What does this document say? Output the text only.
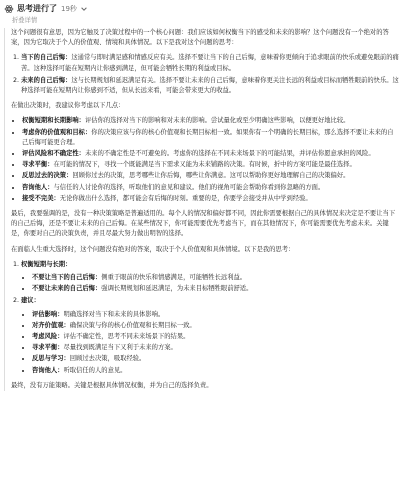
思考进行了 19秒
折叠详情

这个问题很有意思，因为它触及了决策过程中的一个核心问题：我们应该如何权衡当下的感受和未来的影响？这个问题没有一个绝对的答案，因为它取决于个人的价值观、情境和具体情况。以下是我对这个问题的思考：

1. 当下的自己后悔：这通常与即时满足感和情感反应有关。选择不要让当下的自己后悔，意味着你更倾向于追求眼前的快乐或避免眼前的痛苦。这种选择可能在短期内让你感到满足，但可能会牺牲长期的利益或目标。
2. 未来的自己后悔：这与长期规划和延迟满足有关。选择不要让未来的自己后悔，意味着你更关注长远的利益或目标而牺牲眼前的快乐。这种选择可能在短期内让你感到不适，但从长远来看，可能会带来更大的收益。

在做出决策时，我建议你考虑以下几点：

• 权衡短期和长期影响：评估你的选择对当下的影响和对未来的影响。尝试量化或至少明确这些影响，以便更好地比较。
• 考虑你的价值观和目标：你的决策应该与你的核心价值观和长期目标相一致。如果你有一个明确的长期目标，那么选择不要让未来的自己后悔可能更合理。
• 评估风险和不确定性：未来的不确定性是不可避免的。考虑你的选择在不同未来场景下的可能结果，并评估你愿意承担的风险。
• 寻求平衡：在可能的情况下，寻找一个既能满足当下需求又能为未来铺路的决策。有时候，折中的方案可能是最佳选择。
• 反思过去的决策：回顾你过去的决策，思考哪些让你后悔，哪些让你满意。这可以帮助你更好地理解自己的决策偏好。
• 咨询他人：与信任的人讨论你的选择，听取他们的意见和建议。他们的视角可能会帮助你看到你忽略的方面。
• 接受不完美：无论你做出什么选择，都可能会有后悔的时刻。重要的是，你要学会接受并从中学到经验。

最后，我要强调的是，没有一种决策策略是普遍适用的。每个人的情况和偏好都不同，因此你需要根据自己的具体情况来决定是不要让当下的自己后悔，还是不要让未来的自己后悔。在某些情况下，你可能需要优先考虑当下，而在其他情况下，你可能需要优先考虑未来。关键是，你要对自己的决策负责，并且尽最大努力做出明智的选择。

在面临人生重大选择时，这个问题没有绝对的答案，取决于个人价值观和具体情境。以下是我的思考：

1. 权衡短期与长期：
• 不要让当下的自己后悔：侧重于眼前的快乐和情感满足，可能牺牲长远利益。
• 不要让未来的自己后悔：强调长期规划和延迟满足，为未来目标牺牲眼前舒适。
2. 建议：
• 评估影响：明确选择对当下和未来的具体影响。
• 对齐价值观：确保决策与你的核心价值观和长期目标一致。
• 考虑风险：评估不确定性，思考不同未来场景下的结果。
• 寻求平衡：尽量找到既满足当下又利于未来的方案。
• 反思与学习：回顾过去决策，吸取经验。
• 咨询他人：听取信任的人的意见。

最终，没有万能策略。关键是根据具体情况权衡，并为自己的选择负责。
